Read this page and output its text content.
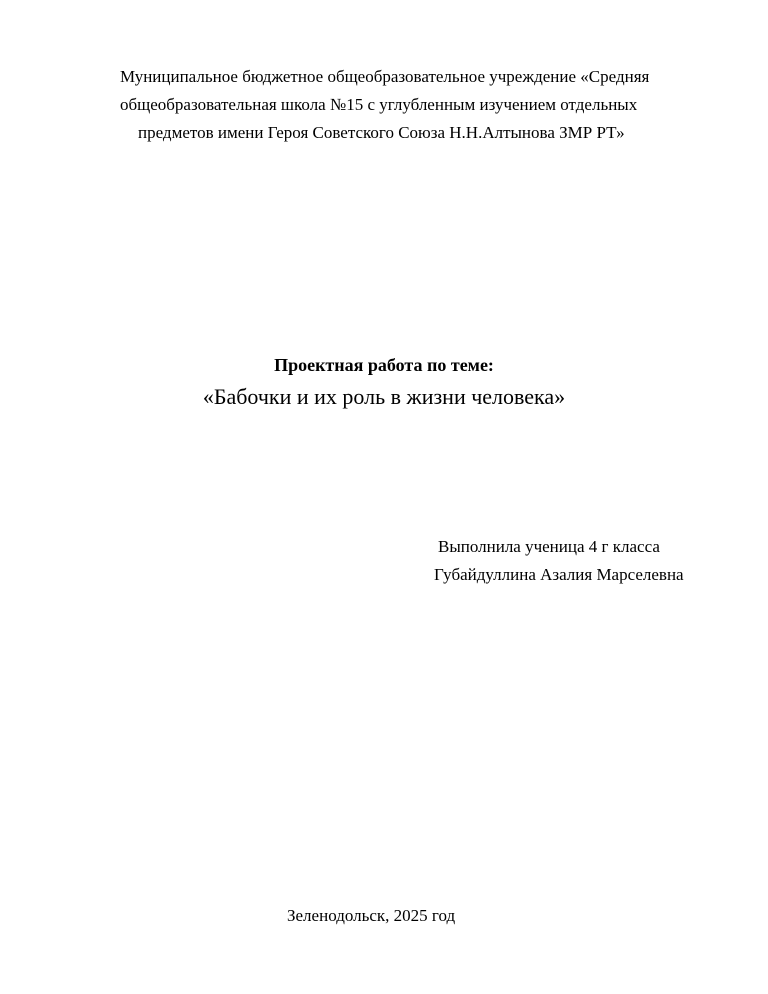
Муниципальное бюджетное общеобразовательное учреждение «Средняя

общеобразовательная школа №15 с углубленным изучением отдельных

предметов имени Героя Советского Союза Н.Н.Алтынова ЗМР РТ»

Проектная работа по теме:

«Бабочки и их роль в жизни человека»

Выполнила ученица 4 г класса

Губайдуллина Азалия Марселевна

Зеленодольск, 2025 год
